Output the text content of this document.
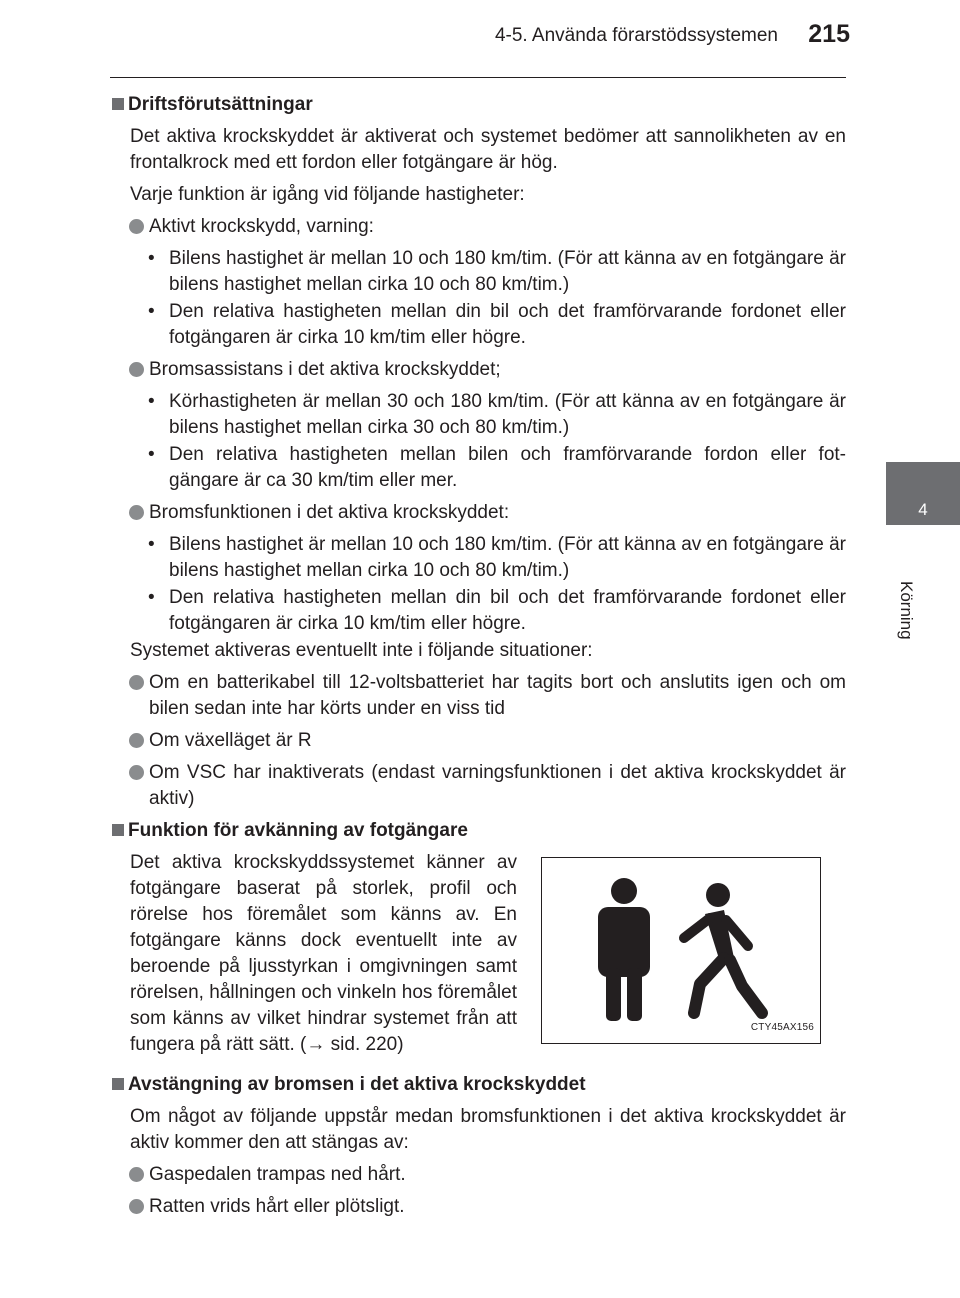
4-5. Använda förarstödssystemen	215
4
Körning
Driftsförutsättningar

Det aktiva krockskyddet är aktiverat och systemet bedömer att sannolikheten av en frontalkrock med ett fordon eller fotgängare är hög.

Varje funktion är igång vid följande hastigheter:

Aktivt krockskydd, varning:
• Bilens hastighet är mellan 10 och 180 km/tim. (För att känna av en fotgängare är bilens hastighet mellan cirka 10 och 80 km/tim.)
• Den relativa hastigheten mellan din bil och det framförvarande fordonet eller fotgängaren är cirka 10 km/tim eller högre.
Bromsassistans i det aktiva krockskyddet;
• Körhastigheten är mellan 30 och 180 km/tim. (För att känna av en fotgängare är bilens hastighet mellan cirka 30 och 80 km/tim.)
• Den relativa hastigheten mellan bilen och framförvarande fordon eller fotgängare är ca 30 km/tim eller mer.
Bromsfunktionen i det aktiva krockskyddet:
• Bilens hastighet är mellan 10 och 180 km/tim. (För att känna av en fotgängare är bilens hastighet mellan cirka 10 och 80 km/tim.)
• Den relativa hastigheten mellan din bil och det framförvarande fordonet eller fotgängaren är cirka 10 km/tim eller högre.

Systemet aktiveras eventuellt inte i följande situationer:

Om en batterikabel till 12-voltsbatteriet har tagits bort och anslutits igen och om bilen sedan inte har körts under en viss tid
Om växelläget är R
Om VSC har inaktiverats (endast varningsfunktionen i det aktiva krockskyddet är aktiv)
Funktion för avkänning av fotgängare
Det aktiva krockskyddssystemet känner av fotgängare baserat på storlek, profil och rörelse hos föremålet som känns av. En fotgängare känns dock eventuellt inte av beroende på ljusstyrkan i omgivningen samt rörelsen, hållningen och vinkeln hos föremålet som känns av vilket hindrar systemet från att fungera på rätt sätt. (→ sid. 220)
CTY45AX156
Avstängning av bromsen i det aktiva krockskyddet

Om något av följande uppstår medan bromsfunktionen i det aktiva krockskyddet är aktiv kommer den att stängas av:

Gaspedalen trampas ned hårt.
Ratten vrids hårt eller plötsligt.
